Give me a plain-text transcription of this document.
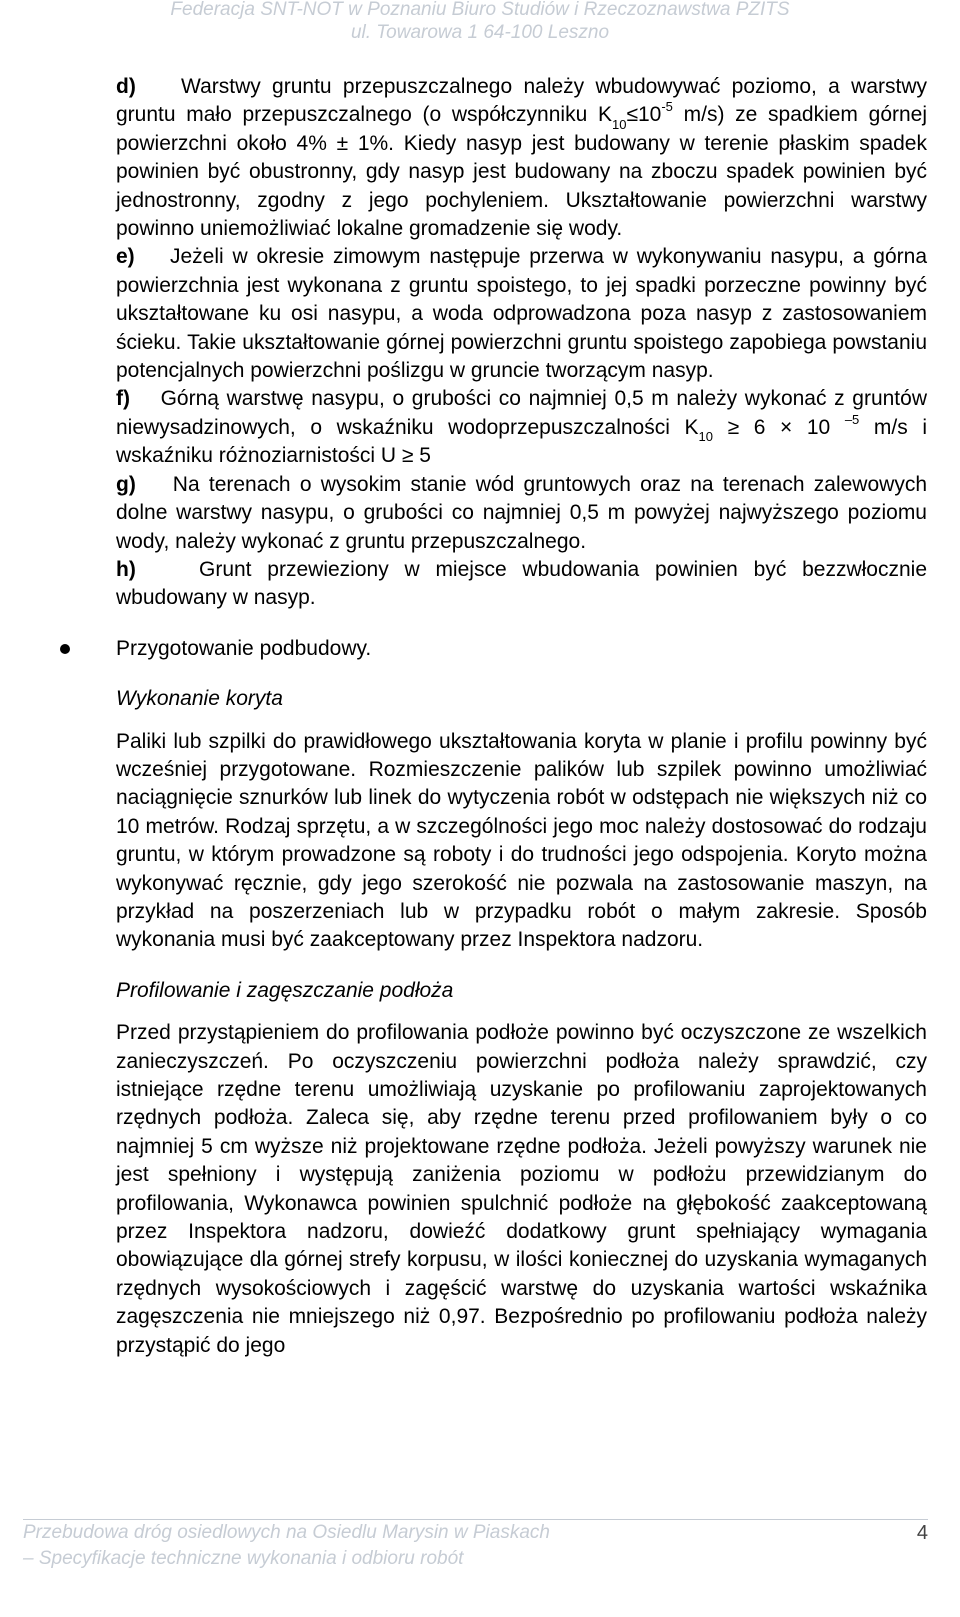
Federacja SNT-NOT w Poznaniu Biuro Studiów i Rzeczoznawstwa PZITS
ul. Towarowa 1 64-100 Leszno

d) Warstwy gruntu przepuszczalnego należy wbudowywać poziomo, a warstwy gruntu mało przepuszczalnego (o współczynniku $K_{10}\le 10^{-5}$ m/s) ze spadkiem górnej powierzchni około 4% ± 1%. Kiedy nasyp jest budowany w terenie płaskim spadek powinien być obustronny, gdy nasyp jest budowany na zboczu spadek powinien być jednostronny, zgodny z jego pochyleniem. Ukształtowanie powierzchni warstwy powinno uniemożliwiać lokalne gromadzenie się wody.

e) Jeżeli w okresie zimowym następuje przerwa w wykonywaniu nasypu, a górna powierzchnia jest wykonana z gruntu spoistego, to jej spadki porzeczne powinny być ukształtowane ku osi nasypu, a woda odprowadzona poza nasyp z zastosowaniem ścieku. Takie ukształtowanie górnej powierzchni gruntu spoistego zapobiega powstaniu potencjalnych powierzchni poślizgu w gruncie tworzącym nasyp.

f) Górną warstwę nasypu, o grubości co najmniej 0,5 m należy wykonać z gruntów niewysadzinowych, o wskaźniku wodoprzepuszczalności $K_{10} \ge 6 \times 10$ $^{-5}$ m/s i wskaźniku różnoziarnistości U ≥ 5

g) Na terenach o wysokim stanie wód gruntowych oraz na terenach zalewowych dolne warstwy nasypu, o grubości co najmniej 0,5 m powyżej najwyższego poziomu wody, należy wykonać z gruntu przepuszczalnego.

h)	Grunt przewieziony w miejsce wbudowania powinien być bezzwłocznie wbudowany w nasyp.

Przygotowanie podbudowy.
Wykonanie koryta

Paliki lub szpilki do prawidłowego ukształtowania koryta w planie i profilu powinny być wcześniej przygotowane. Rozmieszczenie palików lub szpilek powinno umożliwiać naciągnięcie sznurków lub linek do wytyczenia robót w odstępach nie większych niż co 10 metrów. Rodzaj sprzętu, a w szczególności jego moc należy dostosować do rodzaju gruntu, w którym prowadzone są roboty i do trudności jego odspojenia. Koryto można wykonywać ręcznie, gdy jego szerokość nie pozwala na zastosowanie maszyn, na przykład na poszerzeniach lub w przypadku robót o małym zakresie. Sposób wykonania musi być zaakceptowany przez Inspektora nadzoru.

Profilowanie i zagęszczanie podłoża

Przed przystąpieniem do profilowania podłoże powinno być oczyszczone ze wszelkich zanieczyszczeń. Po oczyszczeniu powierzchni podłoża należy sprawdzić, czy istniejące rzędne terenu umożliwiają uzyskanie po profilowaniu zaprojektowanych rzędnych podłoża. Zaleca się, aby rzędne terenu przed profilowaniem były o co najmniej 5 cm wyższe niż projektowane rzędne podłoża. Jeżeli powyższy warunek nie jest spełniony i występują zaniżenia poziomu w podłożu przewidzianym do profilowania, Wykonawca powinien spulchnić podłoże na głębokość zaakceptowaną przez Inspektora nadzoru, dowieźć dodatkowy grunt spełniający wymagania obowiązujące dla górnej strefy korpusu, w ilości koniecznej do uzyskania wymaganych rzędnych wysokościowych i zagęścić warstwę do uzyskania wartości wskaźnika zagęszczenia nie mniejszego niż 0,97. Bezpośrednio po profilowaniu podłoża należy przystąpić do jego

Przebudowa dróg osiedlowych na Osiedlu Marysin w Piaskach	4
– Specyfikacje techniczne wykonania i odbioru robót
